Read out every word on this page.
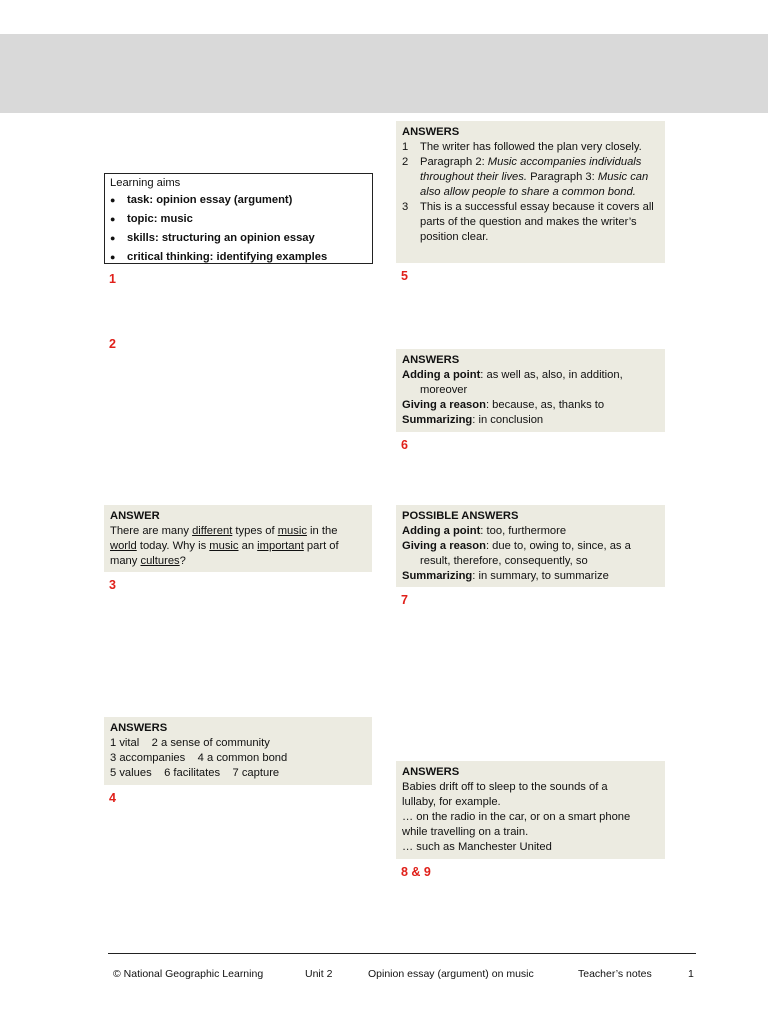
Learning aims
● task: opinion essay (argument)
● topic: music
● skills: structuring an opinion essay
● critical thinking: identifying examples
1
2
ANSWER
There are many different types of music in the
world today. Why is music an important part of
many cultures?
3
ANSWERS
1 vital    2 a sense of community
3 accompanies    4 a common bond
5 values    6 facilitates    7 capture
4
ANSWERS
1	The writer has followed the plan very closely.
2	Paragraph 2: Music accompanies individuals throughout their lives. Paragraph 3: Music can also allow people to share a common bond.
3	This is a successful essay because it covers all parts of the question and makes the writer’s position clear.
5
ANSWERS
Adding a point: as well as, also, in addition,
moreover
Giving a reason: because, as, thanks to
Summarizing: in conclusion
6
POSSIBLE ANSWERS
Adding a point: too, furthermore
Giving a reason: due to, owing to, since, as a
result, therefore, consequently, so
Summarizing: in summary, to summarize
7
ANSWERS
Babies drift off to sleep to the sounds of a
lullaby, for example.
… on the radio in the car, or on a smart phone
while travelling on a train.
… such as Manchester United
8 & 9
© National Geographic Learning	Unit 2	Opinion essay (argument) on music	Teacher’s notes	1
